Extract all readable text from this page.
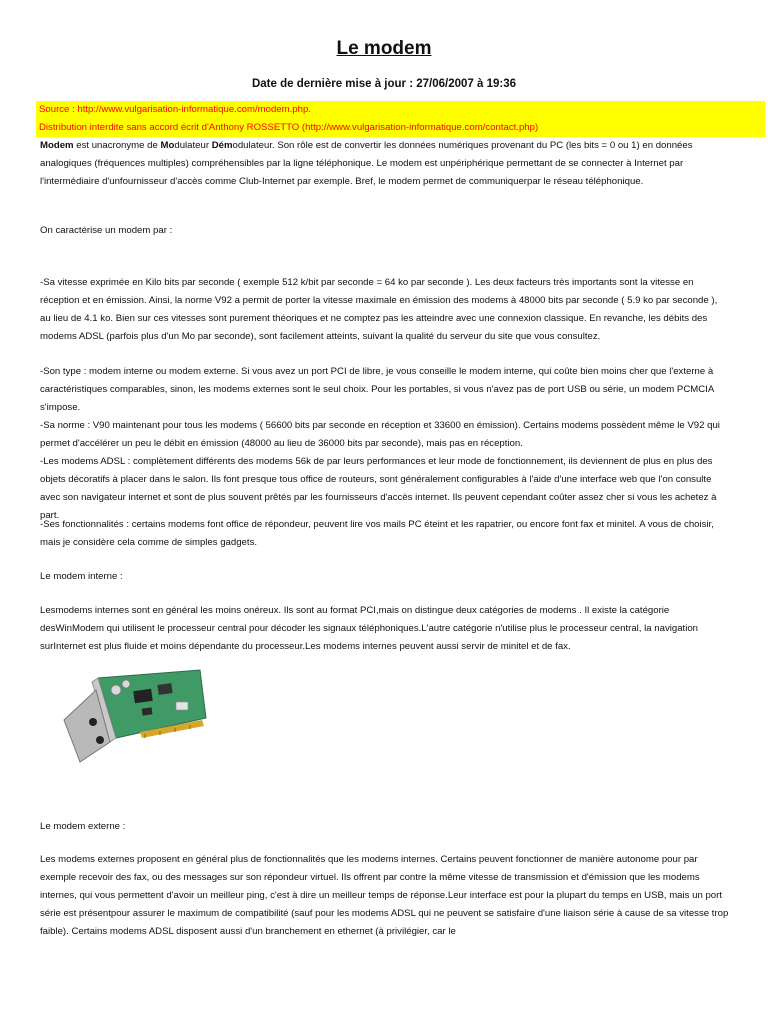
Le modem
Date de dernière mise à jour : 27/06/2007 à 19:36
Source : http://www.vulgarisation-informatique.com/modem.php.
Distribution interdite sans accord écrit d'Anthony ROSSETTO (http://www.vulgarisation-informatique.com/contact.php)

Modem est unacronyme de Modulateur Démodulateur. Son rôle est de convertir les données numériques provenant du PC (les bits = 0 ou 1) en données analogiques (fréquences multiples) compréhensibles par la ligne téléphonique. Le modem est unpériphérique permettant de se connecter à Internet par l'intermédiaire d'unfournisseur d'accès comme Club-Internet par exemple. Bref, le modem permet de communiquerpar le réseau téléphonique.

On caractérise un modem par :

-Sa vitesse exprimée en Kilo bits par seconde ( exemple 512 k/bit par seconde = 64 ko par seconde ). Les deux facteurs très importants sont la vitesse en réception et en émission. Ainsi, la norme V92 a permit de porter la vitesse maximale en émission des modems à 48000 bits par seconde ( 5.9 ko par seconde ), au lieu de 4.1 ko. Bien sur ces vitesses sont purement théoriques et ne comptez pas les atteindre avec une connexion classique. En revanche, les débits des modems ADSL (parfois plus d'un Mo par seconde), sont facilement atteints, suivant la qualité du serveur du site que vous consultez.

-Son type : modem interne ou modem externe. Si vous avez un port PCI de libre, je vous conseille le modem interne, qui coûte bien moins cher que l'externe à caractéristiques comparables, sinon, les modems externes sont le seul choix. Pour les portables, si vous n'avez pas de port USB ou série, un modem PCMCIA s'impose.

-Sa norme : V90 maintenant pour tous les modems ( 56600 bits par seconde en réception et 33600 en émission). Certains modems possèdent même le V92 qui permet d'accélérer un peu le débit en émission (48000 au lieu de 36000 bits par seconde), mais pas en réception.

-Les modems ADSL : complètement différents des modems 56k de par leurs performances et leur mode de fonctionnement, ils deviennent de plus en plus des objets décoratifs à placer dans le salon. Ils font presque tous office de routeurs, sont généralement configurables à l'aide d'une interface web que l'on consulte avec son navigateur internet et sont de plus souvent prêtés par les fournisseurs d'accès internet. Ils peuvent cependant coûter assez cher si vous les achetez à part.

-Ses fonctionnalités : certains modems font office de répondeur, peuvent lire vos mails PC éteint et les rapatrier, ou encore font fax et minitel. A vous de choisir, mais je considère cela comme de simples gadgets.

Le modem interne :

Lesmodems internes sont en général les moins onéreux. Ils sont au format PCI,mais on distingue deux catégories de modems . Il existe la catégorie desWinModem qui utilisent le processeur central pour décoder les signaux téléphoniques.L'autre catégorie n'utilise plus le processeur central, la navigation surInternet est plus fluide et moins dépendante du processeur.Les modems internes peuvent aussi servir de minitel et de fax.

Le modem externe :

Les modems externes proposent en général plus de fonctionnalités que les modems internes. Certains peuvent fonctionner de manière autonome pour par exemple recevoir des fax, ou des messages sur son répondeur virtuel. Ils offrent par contre la même vitesse de transmission et d'émission que les modems internes, qui vous permettent d'avoir un meilleur ping, c'est à dire un meilleur temps de réponse.Leur interface est pour la plupart du temps en USB, mais un port série est présentpour assurer le maximum de compatibilité (sauf pour les modems ADSL qui ne peuvent se satisfaire d'une liaison série à cause de sa vitesse trop faible). Certains modems ADSL disposent aussi d'un branchement en ethernet (à privilégier, car le
